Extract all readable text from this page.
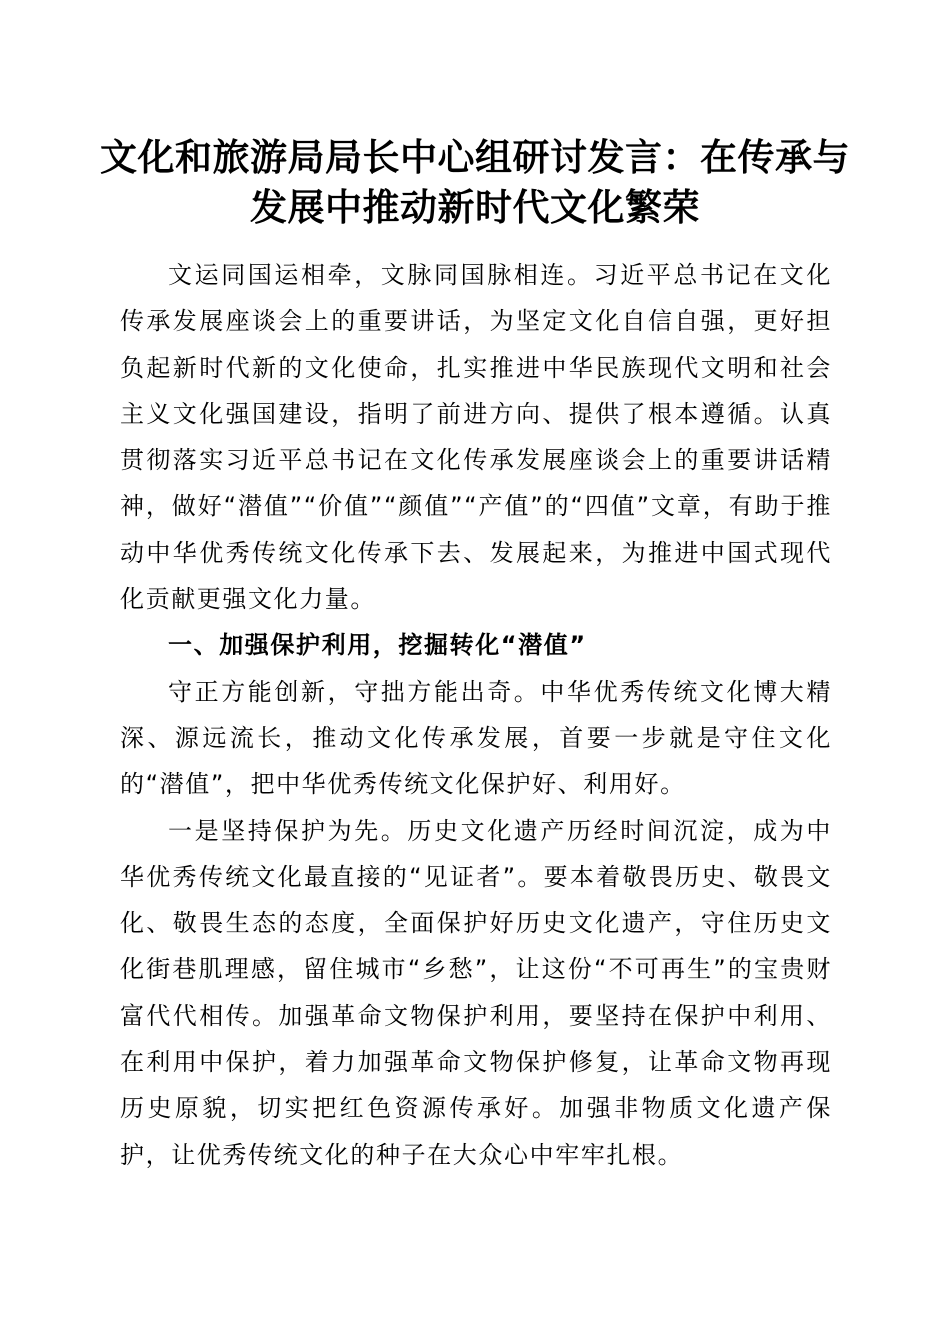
文化和旅游局局长中心组研讨发言：在传承与发展中推动新时代文化繁荣

文运同国运相牵，文脉同国脉相连。习近平总书记在文化传承发展座谈会上的重要讲话，为坚定文化自信自强，更好担负起新时代新的文化使命，扎实推进中华民族现代文明和社会主义文化强国建设，指明了前进方向、提供了根本遵循。认真贯彻落实习近平总书记在文化传承发展座谈会上的重要讲话精神，做好“潜值”“价值”“颜值”“产值”的“四值”文章，有助于推动中华优秀传统文化传承下去、发展起来，为推进中国式现代化贡献更强文化力量。

一、加强保护利用，挖掘转化“潜值”

守正方能创新，守拙方能出奇。中华优秀传统文化博大精深、源远流长，推动文化传承发展，首要一步就是守住文化的“潜值”，把中华优秀传统文化保护好、利用好。

一是坚持保护为先。历史文化遗产历经时间沉淀，成为中华优秀传统文化最直接的“见证者”。要本着敬畏历史、敬畏文化、敬畏生态的态度，全面保护好历史文化遗产，守住历史文化街巷肌理感，留住城市“乡愁”，让这份“不可再生”的宝贵财富代代相传。加强革命文物保护利用，要坚持在保护中利用、在利用中保护，着力加强革命文物保护修复，让革命文物再现历史原貌，切实把红色资源传承好。加强非物质文化遗产保护，让优秀传统文化的种子在大众心中牢牢扎根。
